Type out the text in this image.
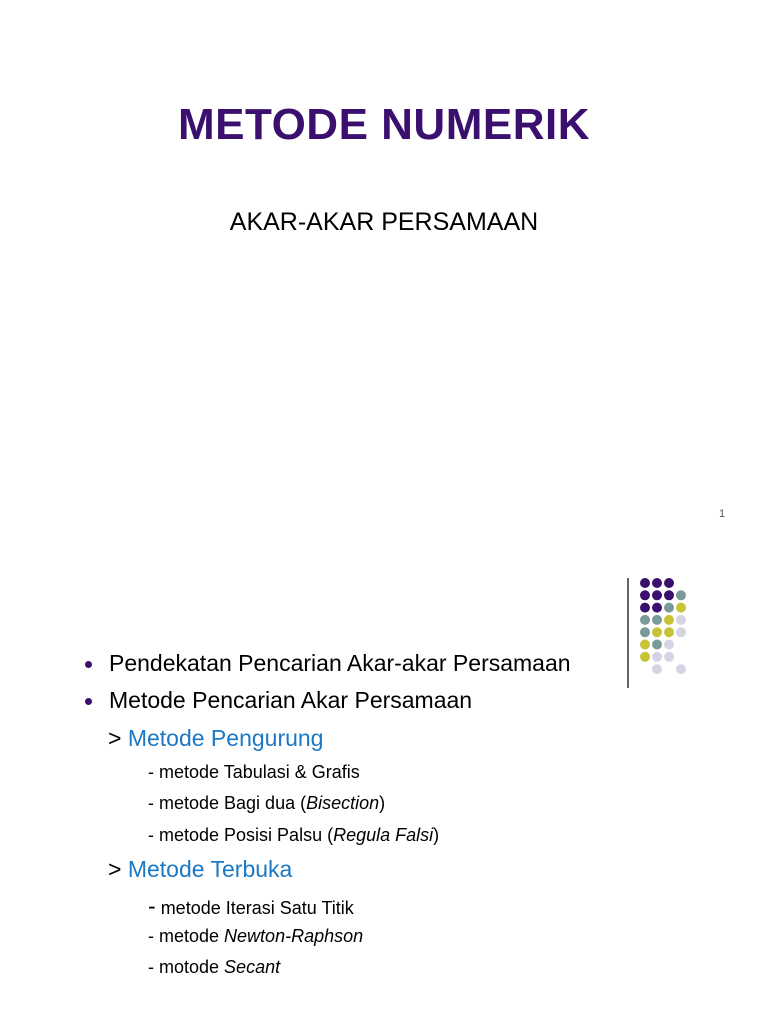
METODE NUMERIK
AKAR-AKAR PERSAMAAN
1
Pendekatan Pencarian Akar-akar Persamaan
Metode Pencarian Akar Persamaan
> Metode Pengurung
- metode Tabulasi & Grafis
- metode Bagi dua (Bisection)
- metode Posisi Palsu (Regula Falsi)
> Metode Terbuka
- metode Iterasi Satu Titik
- metode Newton-Raphson
- motode Secant
